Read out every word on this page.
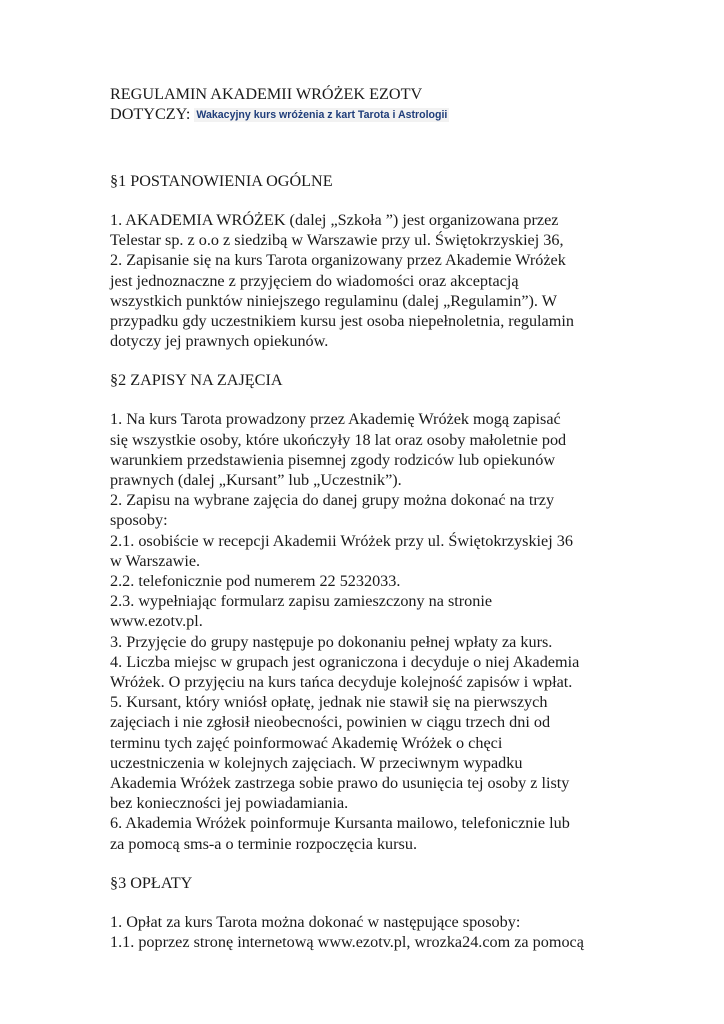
REGULAMIN AKADEMII WRÓŻEK EZOTV
DOTYCZY: Wakacyjny kurs wróżenia z kart Tarota i Astrologii
§1 POSTANOWIENIA OGÓLNE

1. AKADEMIA WRÓŻEK (dalej „Szkoła ”) jest organizowana przez

Telestar sp. z o.o z siedzibą w Warszawie przy ul. Świętokrzyskiej 36,

2. Zapisanie się na kurs Tarota organizowany przez Akademie Wróżek

jest jednoznaczne z przyjęciem do wiadomości oraz akceptacją

wszystkich punktów niniejszego regulaminu (dalej „Regulamin”). W

przypadku gdy uczestnikiem kursu jest osoba niepełnoletnia, regulamin

dotyczy jej prawnych opiekunów.

§2 ZAPISY NA ZAJĘCIA

1. Na kurs Tarota prowadzony przez Akademię Wróżek mogą zapisać

się wszystkie osoby, które ukończyły 18 lat oraz osoby małoletnie pod

warunkiem przedstawienia pisemnej zgody rodziców lub opiekunów

prawnych (dalej „Kursant” lub „Uczestnik”).

2. Zapisu na wybrane zajęcia do danej grupy można dokonać na trzy

sposoby:

2.1. osobiście w recepcji Akademii Wróżek przy ul. Świętokrzyskiej 36

w Warszawie.

2.2. telefonicznie pod numerem 22 5232033.

2.3. wypełniając formularz zapisu zamieszczony na stronie

www.ezotv.pl.

3. Przyjęcie do grupy następuje po dokonaniu pełnej wpłaty za kurs.

4. Liczba miejsc w grupach jest ograniczona i decyduje o niej Akademia

Wróżek. O przyjęciu na kurs tańca decyduje kolejność zapisów i wpłat.

5. Kursant, który wniósł opłatę, jednak nie stawił się na pierwszych

zajęciach i nie zgłosił nieobecności, powinien w ciągu trzech dni od

terminu tych zajęć poinformować Akademię Wróżek o chęci

uczestniczenia w kolejnych zajęciach. W przeciwnym wypadku

Akademia Wróżek zastrzega sobie prawo do usunięcia tej osoby z listy

bez konieczności jej powiadamiania.

6. Akademia Wróżek poinformuje Kursanta mailowo, telefonicznie lub

za pomocą sms-a o terminie rozpoczęcia kursu.

§3 OPŁATY

1. Opłat za kurs Tarota można dokonać w następujące sposoby:

1.1. poprzez stronę internetową www.ezotv.pl, wrozka24.com za pomocą
